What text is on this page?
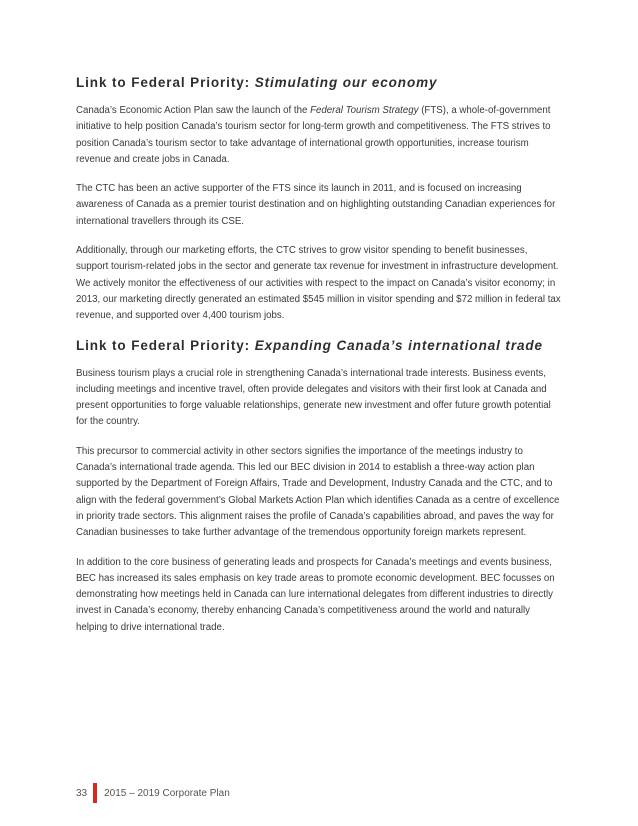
Link to Federal Priority: Stimulating our economy

Canada’s Economic Action Plan saw the launch of the Federal Tourism Strategy (FTS), a whole-of-government initiative to help position Canada’s tourism sector for long-term growth and competitiveness. The FTS strives to position Canada’s tourism sector to take advantage of international growth opportunities, increase tourism revenue and create jobs in Canada.

The CTC has been an active supporter of the FTS since its launch in 2011, and is focused on increasing awareness of Canada as a premier tourist destination and on highlighting outstanding Canadian experiences for international travellers through its CSE.

Additionally, through our marketing efforts, the CTC strives to grow visitor spending to benefit businesses, support tourism-related jobs in the sector and generate tax revenue for investment in infrastructure development. We actively monitor the effectiveness of our activities with respect to the impact on Canada’s visitor economy; in 2013, our marketing directly generated an estimated $545 million in visitor spending and $72 million in federal tax revenue, and supported over 4,400 tourism jobs.

Link to Federal Priority: Expanding Canada’s international trade

Business tourism plays a crucial role in strengthening Canada’s international trade interests. Business events, including meetings and incentive travel, often provide delegates and visitors with their first look at Canada and present opportunities to forge valuable relationships, generate new investment and offer future growth potential for the country.

This precursor to commercial activity in other sectors signifies the importance of the meetings industry to Canada’s international trade agenda. This led our BEC division in 2014 to establish a three-way action plan supported by the Department of Foreign Affairs, Trade and Development, Industry Canada and the CTC, and to align with the federal government’s Global Markets Action Plan which identifies Canada as a centre of excellence in priority trade sectors. This alignment raises the profile of Canada’s capabilities abroad, and paves the way for Canadian businesses to take further advantage of the tremendous opportunity foreign markets represent.

In addition to the core business of generating leads and prospects for Canada’s meetings and events business, BEC has increased its sales emphasis on key trade areas to promote economic development. BEC focusses on demonstrating how meetings held in Canada can lure international delegates from different industries to directly invest in Canada’s economy, thereby enhancing Canada’s competitiveness around the world and naturally helping to drive international trade.

33 2015 – 2019 Corporate Plan
